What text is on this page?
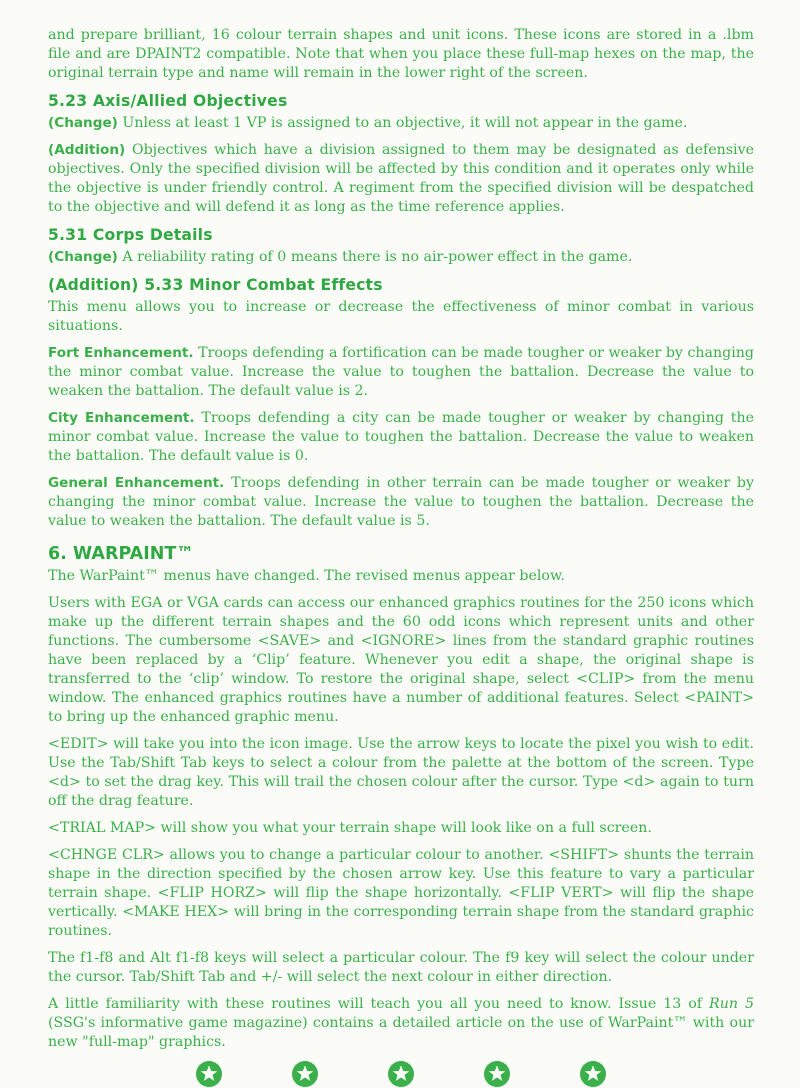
and prepare brilliant, 16 colour terrain shapes and unit icons. These icons are stored in a .lbm file and are DPAINT2 compatible. Note that when you place these full-map hexes on the map, the original terrain type and name will remain in the lower right of the screen.

5.23 Axis/Allied Objectives

(Change) Unless at least 1 VP is assigned to an objective, it will not appear in the game.

(Addition) Objectives which have a division assigned to them may be designated as defensive objectives. Only the specified division will be affected by this condition and it operates only while the objective is under friendly control. A regiment from the specified division will be despatched to the objective and will defend it as long as the time reference applies.

5.31 Corps Details

(Change) A reliability rating of 0 means there is no air-power effect in the game.

(Addition) 5.33 Minor Combat Effects

This menu allows you to increase or decrease the effectiveness of minor combat in various situations.

Fort Enhancement. Troops defending a fortification can be made tougher or weaker by changing the minor combat value. Increase the value to toughen the battalion. Decrease the value to weaken the battalion. The default value is 2.

City Enhancement. Troops defending a city can be made tougher or weaker by changing the minor combat value. Increase the value to toughen the battalion. Decrease the value to weaken the battalion. The default value is 0.

General Enhancement. Troops defending in other terrain can be made tougher or weaker by changing the minor combat value. Increase the value to toughen the battalion. Decrease the value to weaken the battalion. The default value is 5.

6. WARPAINT™

The WarPaint™ menus have changed. The revised menus appear below.

Users with EGA or VGA cards can access our enhanced graphics routines for the 250 icons which make up the different terrain shapes and the 60 odd icons which represent units and other functions. The cumbersome <SAVE> and <IGNORE> lines from the standard graphic routines have been replaced by a ‘Clip’ feature. Whenever you edit a shape, the original shape is transferred to the ‘clip’ window. To restore the original shape, select <CLIP> from the menu window. The enhanced graphics routines have a number of additional features. Select <PAINT> to bring up the enhanced graphic menu.

<EDIT> will take you into the icon image. Use the arrow keys to locate the pixel you wish to edit. Use the Tab/Shift Tab keys to select a colour from the palette at the bottom of the screen. Type <d> to set the drag key. This will trail the chosen colour after the cursor. Type <d> again to turn off the drag feature.

<TRIAL MAP> will show you what your terrain shape will look like on a full screen.

<CHNGE CLR> allows you to change a particular colour to another. <SHIFT> shunts the terrain shape in the direction specified by the chosen arrow key. Use this feature to vary a particular terrain shape. <FLIP HORZ> will flip the shape horizontally. <FLIP VERT> will flip the shape vertically. <MAKE HEX> will bring in the corresponding terrain shape from the standard graphic routines.

The f1-f8 and Alt f1-f8 keys will select a particular colour. The f9 key will select the colour under the cursor. Tab/Shift Tab and +/- will select the next colour in either direction.

A little familiarity with these routines will teach you all you need to know. Issue 13 of Run 5 (SSG's informative game magazine) contains a detailed article on the use of WarPaint™ with our new "full-map" graphics.
